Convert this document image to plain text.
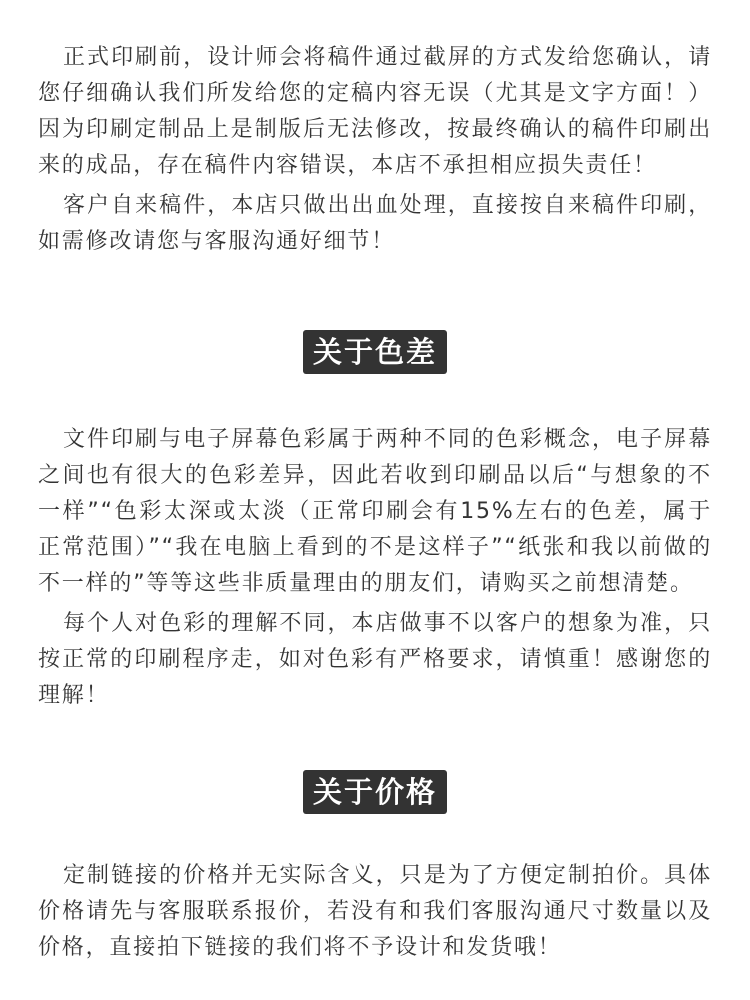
正式印刷前，设计师会将稿件通过截屏的方式发给您确认，请您仔细确认我们所发给您的定稿内容无误（尤其是文字方面！）因为印刷定制品上是制版后无法修改，按最终确认的稿件印刷出来的成品，存在稿件内容错误，本店不承担相应损失责任！

客户自来稿件，本店只做出出血处理，直接按自来稿件印刷，如需修改请您与客服沟通好细节！

关于色差

文件印刷与电子屏幕色彩属于两种不同的色彩概念，电子屏幕之间也有很大的色彩差异，因此若收到印刷品以后“与想象的不一样”“色彩太深或太淡（正常印刷会有15%左右的色差，属于正常范围）”“我在电脑上看到的不是这样子”“纸张和我以前做的不一样的”等等这些非质量理由的朋友们，请购买之前想清楚。

每个人对色彩的理解不同，本店做事不以客户的想象为准，只按正常的印刷程序走，如对色彩有严格要求，请慎重！感谢您的理解！

关于价格

定制链接的价格并无实际含义，只是为了方便定制拍价。具体价格请先与客服联系报价，若没有和我们客服沟通尺寸数量以及价格，直接拍下链接的我们将不予设计和发货哦！
